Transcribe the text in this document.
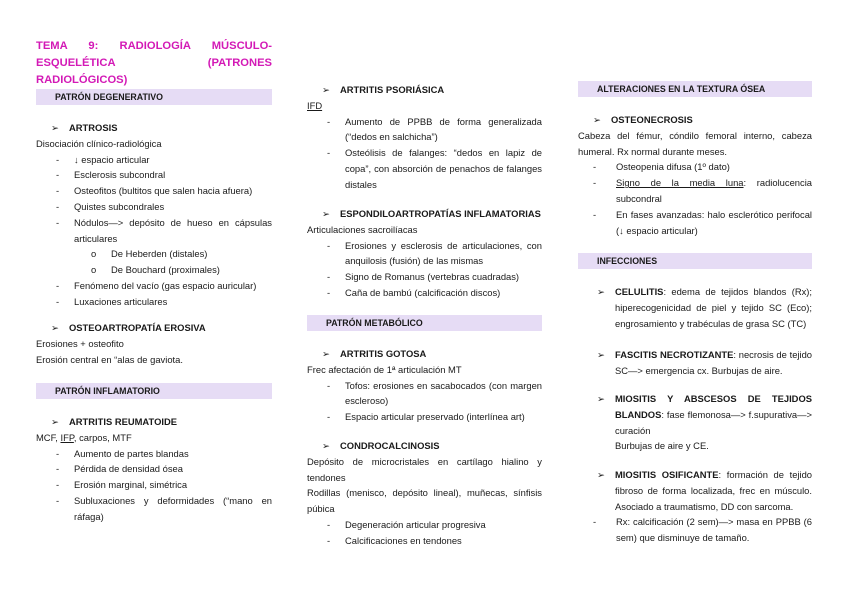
TEMA 9: RADIOLOGÍA MÚSCULO-ESQUELÉTICA (PATRONES RADIOLÓGICOS)
PATRÓN DEGENERATIVO
➢ ARTROSIS
Disociación clínico-radiológica
- ↓ espacio articular
- Esclerosis subcondral
- Osteofitos (bultitos que salen hacia afuera)
- Quistes subcondrales
- Nódulos—> depósito de hueso en cápsulas articulares
o De Heberden (distales)
o De Bouchard (proximales)
- Fenómeno del vacío (gas espacio auricular)
- Luxaciones articulares
➢ OSTEOARTROPATÍA EROSIVA
Erosiones + osteofito
Erosión central en “alas de gaviota.
PATRÓN INFLAMATORIO
➢ ARTRITIS REUMATOIDE
MCF, IFP, carpos, MTF
- Aumento de partes blandas
- Pérdida de densidad ósea
- Erosión marginal, simétrica
- Subluxaciones y deformidades (“mano en ráfaga)
➢ ARTRITIS PSORIÁSICA
IFD
- Aumento de PPBB de forma generalizada (“dedos en salchicha”)
- Osteólisis de falanges: “dedos en lapiz de copa”, con absorción de penachos de falanges distales
➢ ESPONDILOARTROPATÍAS INFLAMATORIAS
Articulaciones sacroilíacas
- Erosiones y esclerosis de articulaciones, con anquilosis (fusión) de las mismas
- Signo de Romanus (vertebras cuadradas)
- Caña de bambú (calcificación discos)
PATRÓN METABÓLICO
➢ ARTRITIS GOTOSA
Frec afectación de 1ª articulación MT
- Tofos: erosiones en sacabocados (con margen escleroso)
- Espacio articular preservado (interlínea art)
➢ CONDROCALCINOSIS
Depósito de microcristales en cartílago hialino y tendones
Rodillas (menisco, depósito lineal), muñecas, sínfisis púbica
- Degeneración articular progresiva
- Calcificaciones en tendones
ALTERACIONES EN LA TEXTURA ÓSEA
➢ OSTEONECROSIS
Cabeza del fémur, cóndilo femoral interno, cabeza humeral. Rx normal durante meses.
- Osteopenia difusa (1º dato)
- Signo de la media luna: radiolucencia subcondral
- En fases avanzadas: halo esclerótico perifocal (↓ espacio articular)
INFECCIONES
➢ CELULITIS: edema de tejidos blandos (Rx); hiperecogenicidad de piel y tejido SC (Eco); engrosamiento y trabéculas de grasa SC (TC)
➢ FASCITIS NECROTIZANTE: necrosis de tejido SC—> emergencia cx. Burbujas de aire.
➢ MIOSITIS Y ABSCESOS DE TEJIDOS BLANDOS: fase flemonosa—> f.supurativa—> curación
Burbujas de aire y CE.
➢ MIOSITIS OSIFICANTE: formación de tejido fibroso de forma localizada, frec en músculo. Asociado a traumatismo, DD con sarcoma.
- Rx: calcificación (2 sem)—> masa en PPBB (6 sem) que disminuye de tamaño.
